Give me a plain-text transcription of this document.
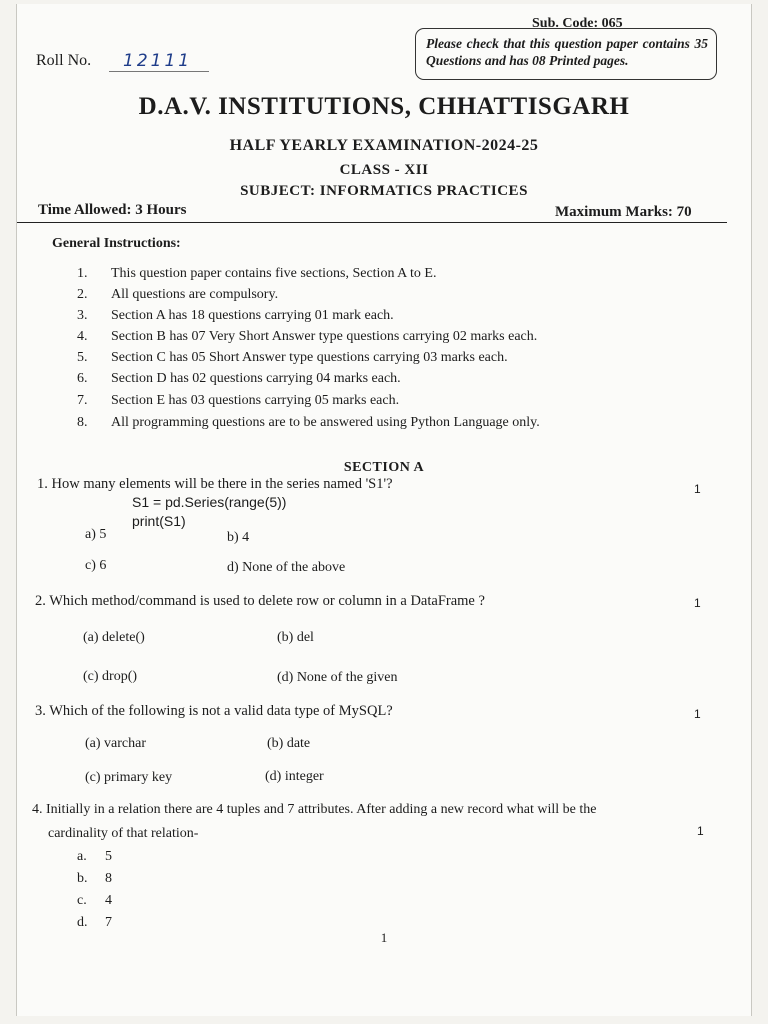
Sub. Code: 065
Please check that this question paper contains 35 Questions and has 08 Printed pages.
Roll No.	12111
D.A.V. INSTITUTIONS, CHHATTISGARH
HALF YEARLY EXAMINATION-2024-25
CLASS - XII
SUBJECT: INFORMATICS PRACTICES
Time Allowed: 3 Hours	Maximum Marks: 70
General Instructions:
1. This question paper contains five sections, Section A to E.
2. All questions are compulsory.
3. Section A has 18 questions carrying 01 mark each.
4. Section B has 07 Very Short Answer type questions carrying 02 marks each.
5. Section C has 05 Short Answer type questions carrying 03 marks each.
6. Section D has 02 questions carrying 04 marks each.
7. Section E has 03 questions carrying 05 marks each.
8. All programming questions are to be answered using Python Language only.
SECTION A
1. How many elements will be there in the series named 'S1'?	1
S1 = pd.Series(range(5))
print(S1)
a) 5	b) 4
c) 6	d) None of the above
2. Which method/command is used to delete row or column in a DataFrame ?	1
(a) delete()	(b) del
(c) drop()	(d) None of the given
3. Which of the following is not a valid data type of MySQL?	1
(a) varchar	(b) date
(c) primary key	(d) integer
4. Initially in a relation there are 4 tuples and 7 attributes. After adding a new record what will be the
cardinality of that relation-	1
a. 5
b. 8
c. 4
d. 7
1
